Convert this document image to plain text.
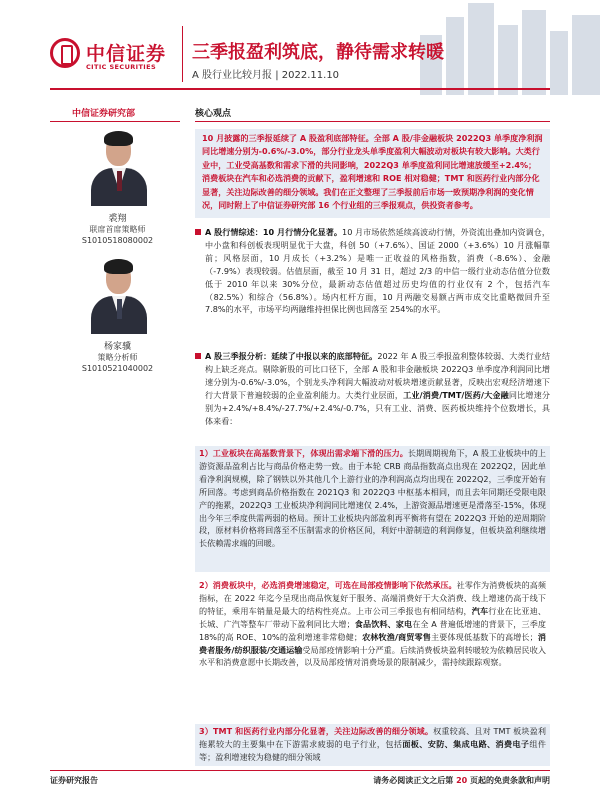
中信证券
CITIC SECURITIES
三季报盈利筑底，静待需求转暖
A 股行业比较月报 | 2022.11.10
中信证券研究部
裘翔
联席首席策略师
S1010518080002
杨家骥
策略分析师
S1010521040002
核心观点
10 月披露的三季报延续了 A 股盈利底部特征。全部 A 股/非金融板块 2022Q3 单季度净利润同比增速分别为-0.6%/-3.0%，部分行业龙头单季度盈利大幅波动对板块有较大影响。大类行业中，工业受高基数和需求下滑的共同影响，2022Q3 单季度盈利同比增速放缓至+2.4%；消费板块在汽车和必选消费的贡献下，盈利增速和 ROE 相对稳健；TMT 和医药行业内部分化显著，关注边际改善的细分领域。我们在正文整理了三季报前后市场一致预期净利润的变化情况，同时附上了中信证券研究部 16 个行业组的三季报观点，供投资者参考。
A 股行情综述：10 月行情分化显著。10 月市场依然延续高波动行情，外资流出叠加内资调仓，中小盘和科创板表现明显优于大盘，科创 50（+7.6%）、国证 2000（+3.6%）10 月涨幅靠前；风格层面，10 月成长（+3.2%）是唯一正收益的风格指数，消费（-8.6%）、金融（-7.9%）表现较弱。估值层面，截至 10 月 31 日，超过 2/3 的中信一级行业动态估值分位数低于 2010 年以来 30%分位，最新动态估值超过历史均值的行业仅有 2 个，包括汽车（82.5%）和综合（56.8%）。场内杠杆方面，10 月两融交易额占两市成交比重略微回升至 7.8%的水平，市场平均两融维持担保比例也回落至 254%的水平。
A 股三季报分析：延续了中报以来的底部特征。2022 年 A 股三季报盈利整体较弱、大类行业结构上缺乏亮点。剔除新股的可比口径下，全部 A 股和非金融板块 2022Q3 单季度净利润同比增速分别为-0.6%/-3.0%，个别龙头净利润大幅波动对板块增速贡献显著，反映出宏观经济增速下行大背景下普遍较弱的企业盈利能力。大类行业层面，工业/消费/TMT/医药/大金融同比增速分别为+2.4%/+8.4%/-27.7%/+2.4%/-0.7%，只有工业、消费、医药板块维持个位数增长，具体来看：
1）工业板块在高基数背景下，体现出需求端下滑的压力。长期周期视角下，A 股工业板块中的上游资源品盈利占比与商品价格走势一致。由于本轮 CRB 商品指数高点出现在 2022Q2，因此单看净利润规模，除了钢铁以外其他几个上游行业的净利润高点均出现在 2022Q2，三季度开始有所回落。考虑到商品价格指数在 2021Q3 和 2022Q3 中枢基本相同，而且去年同期还受限电限产的拖累，2022Q3 工业板块净利润同比增速仅 2.4%，上游资源品增速更是滑落至-15%，体现出今年三季度供需两弱的格局。预计工业板块内部盈利再平衡将有望在 2022Q3 开始的逆周期阶段，原材料价格将回落至不压制需求的价格区间，利好中游制造的利润修复，但板块盈利继续增长依赖需求端的回暖。
2）消费板块中，必选消费增速稳定，可选在局部疫情影响下依然承压。社零作为消费板块的高频指标，在 2022 年迄今呈现出商品恢复好于服务、高端消费好于大众消费、线上增速仍高于线下的特征，乘用车销量是最大的结构性亮点。上市公司三季报也有相同结构，汽车行业在比亚迪、长城、广汽等整车厂带动下盈利同比大增；食品饮料、家电在全 A 普遍低增速的背景下，三季度 18%的高 ROE、10%的盈利增速非常稳健；农林牧渔/商贸零售主要体现低基数下的高增长；消费者服务/纺织服装/交通运输受局部疫情影响十分严重。后续消费板块盈利转暖较为依赖居民收入水平和消费意愿中长期改善，以及局部疫情对消费场景的限制减少，需持续跟踪观察。
3）TMT 和医药行业内部分化显著，关注边际改善的细分领域。权重较高、且对 TMT 板块盈利拖累较大的主要集中在下游需求疲弱的电子行业，包括面板、安防、集成电路、消费电子组件等；盈利增速较为稳健的细分领域
证券研究报告	请务必阅读正文之后第 20 页起的免责条款和声明
